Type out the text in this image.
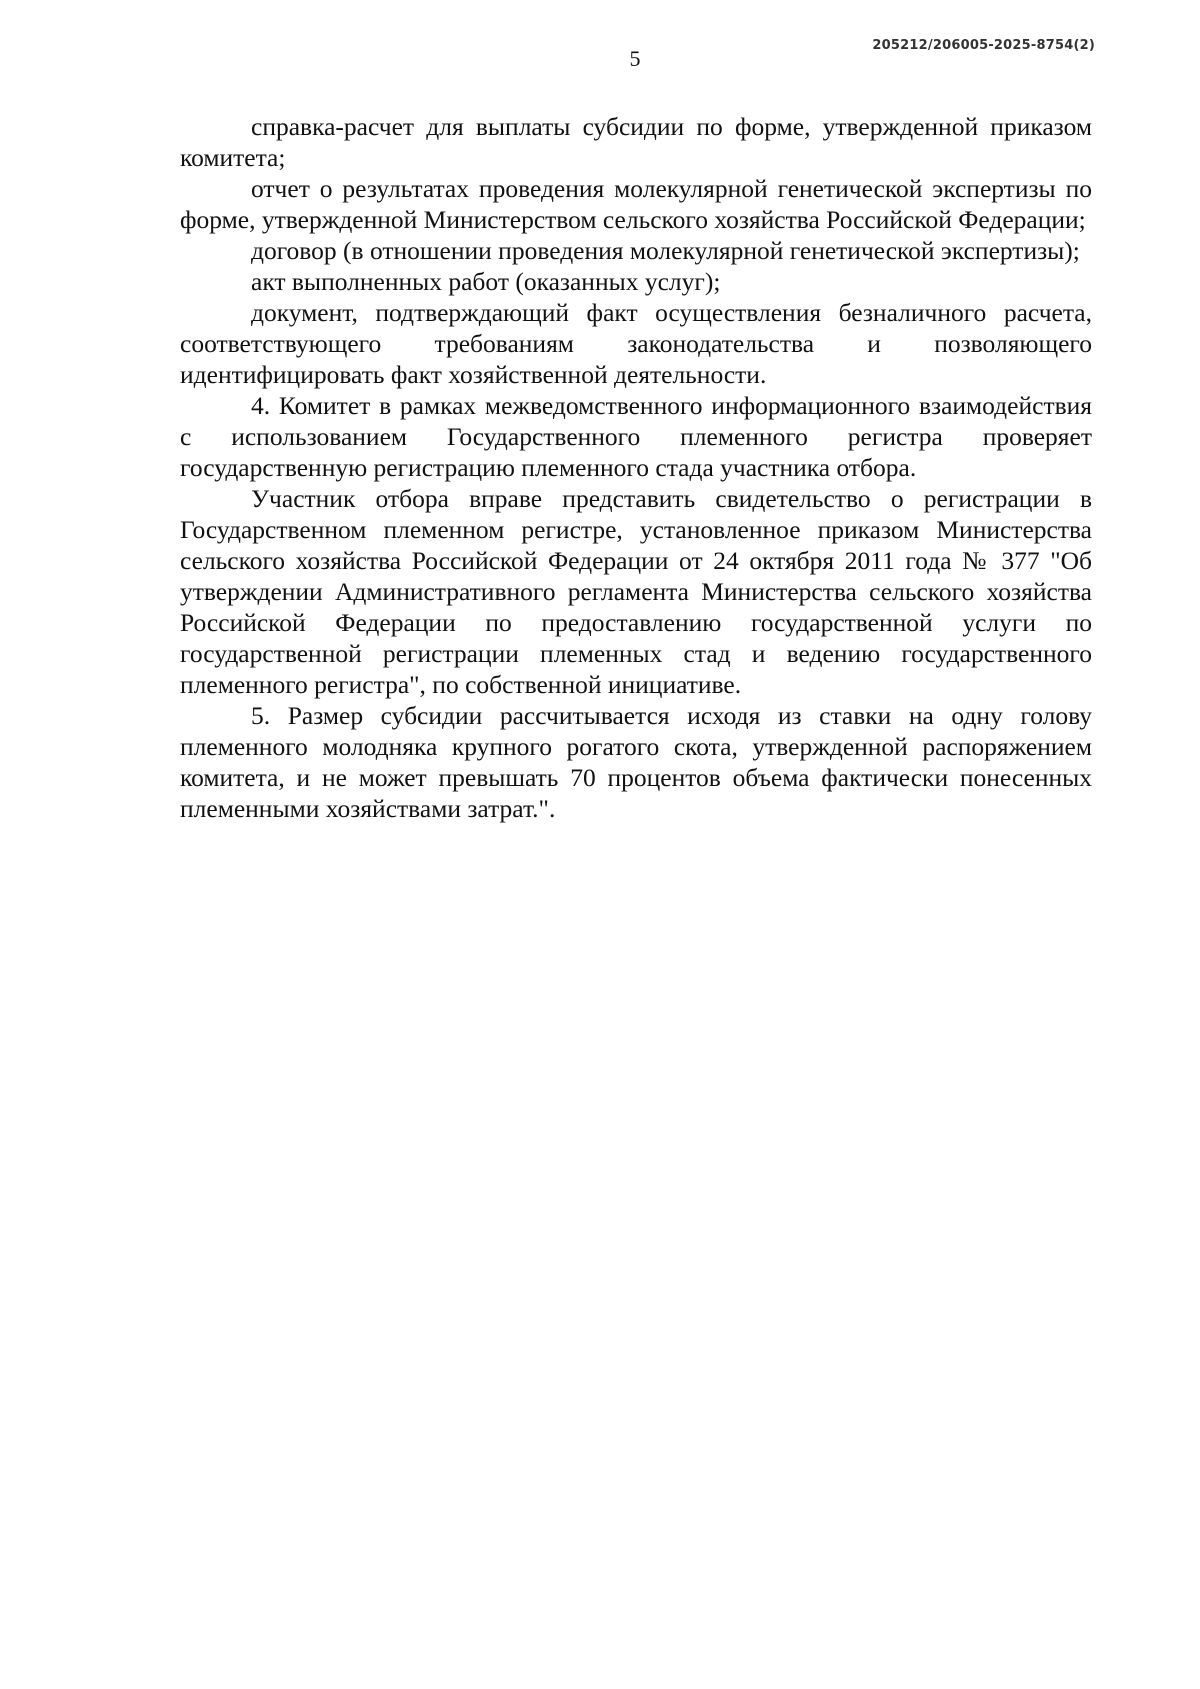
205212/206005-2025-8754(2)
5

справка-расчет для выплаты субсидии по форме, утвержденной приказом комитета;

отчет о результатах проведения молекулярной генетической экспертизы по форме, утвержденной Министерством сельского хозяйства Российской Федерации;

договор (в отношении проведения молекулярной генетической экспертизы);

акт выполненных работ (оказанных услуг);

документ, подтверждающий факт осуществления безналичного расчета, соответствующего требованиям законодательства и позволяющего идентифицировать факт хозяйственной деятельности.

4. Комитет в рамках межведомственного информационного взаимодействия с использованием Государственного племенного регистра проверяет государственную регистрацию племенного стада участника отбора.

Участник отбора вправе представить свидетельство о регистрации в Государственном племенном регистре, установленное приказом Министерства сельского хозяйства Российской Федерации от 24 октября 2011 года № 377 "Об утверждении Административного регламента Министерства сельского хозяйства Российской Федерации по предоставлению государственной услуги по государственной регистрации племенных стад и ведению государственного племенного регистра", по собственной инициативе.

5. Размер субсидии рассчитывается исходя из ставки на одну голову племенного молодняка крупного рогатого скота, утвержденной распоряжением комитета, и не может превышать 70 процентов объема фактически понесенных племенными хозяйствами затрат.".
